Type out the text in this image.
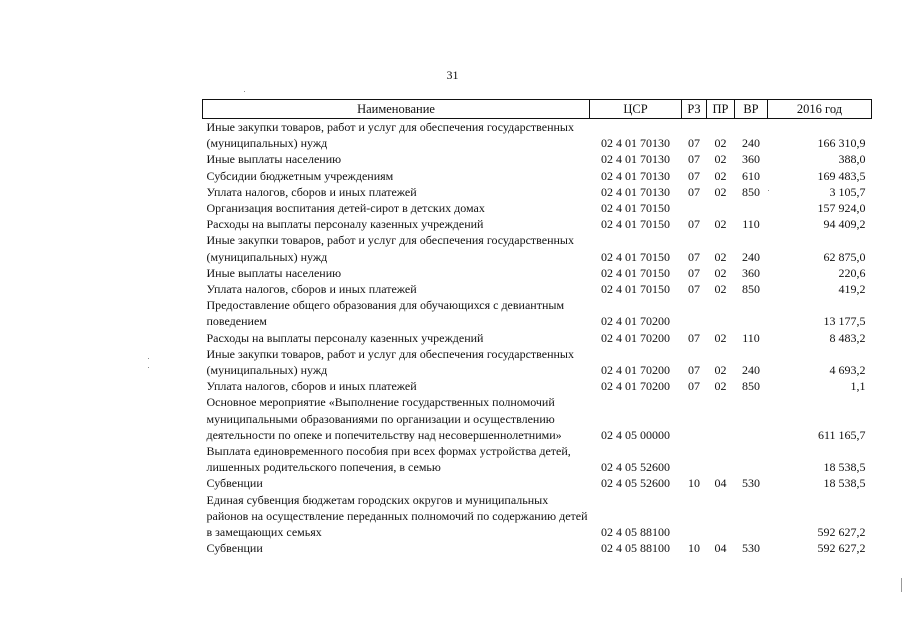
31
Наименование	ЦСР	РЗ	ПР	ВР	2016 год
Иные закупки товаров, работ и услуг для обеспечения государственных (муниципальных) нужд	02 4 01 70130	07	02	240	166 310,9
Иные выплаты населению	02 4 01 70130	07	02	360	388,0
Субсидии бюджетным учреждениям	02 4 01 70130	07	02	610	169 483,5
Уплата налогов, сборов и иных платежей	02 4 01 70130	07	02	850	3 105,7
Организация воспитания детей-сирот в детских домах	02 4 01 70150				157 924,0
Расходы на выплаты персоналу казенных учреждений	02 4 01 70150	07	02	110	94 409,2
Иные закупки товаров, работ и услуг для обеспечения государственных (муниципальных) нужд	02 4 01 70150	07	02	240	62 875,0
Иные выплаты населению	02 4 01 70150	07	02	360	220,6
Уплата налогов, сборов и иных платежей	02 4 01 70150	07	02	850	419,2
Предоставление общего образования для обучающихся с девиантным поведением	02 4 01 70200				13 177,5
Расходы на выплаты персоналу казенных учреждений	02 4 01 70200	07	02	110	8 483,2
Иные закупки товаров, работ и услуг для обеспечения государственных (муниципальных) нужд	02 4 01 70200	07	02	240	4 693,2
Уплата налогов, сборов и иных платежей	02 4 01 70200	07	02	850	1,1
Основное мероприятие «Выполнение государственных полномочий муниципальными образованиями по организации и осуществлению деятельности по опеке и попечительству над несовершеннолетними»	02 4 05 00000				611 165,7
Выплата единовременного пособия при всех формах устройства детей, лишенных родительского попечения, в семью	02 4 05 52600				18 538,5
Субвенции	02 4 05 52600	10	04	530	18 538,5
Единая субвенция бюджетам городских округов и муниципальных районов на осуществление переданных полномочий по содержанию детей в замещающих семьях	02 4 05 88100				592 627,2
Субвенции	02 4 05 88100	10	04	530	592 627,2
